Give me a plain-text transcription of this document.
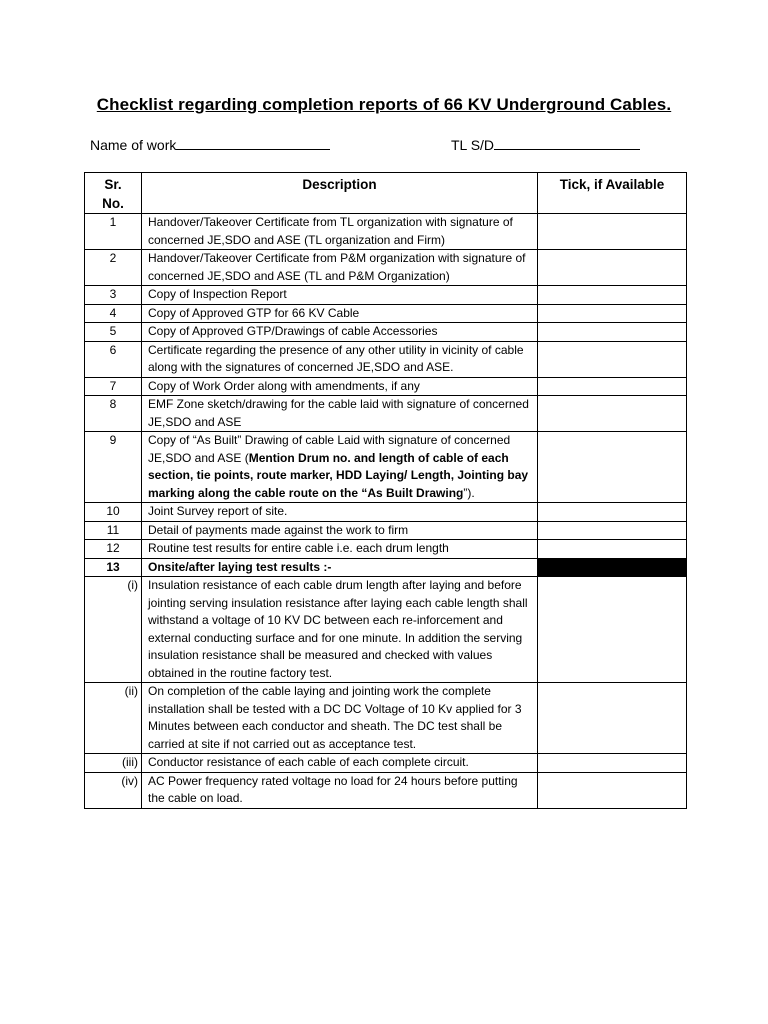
Checklist regarding completion reports of 66 KV Underground Cables.
Name of work	TL S/D
Sr.
No.	Description	Tick, if Available
1	Handover/Takeover Certificate from TL organization with signature of concerned JE,SDO and ASE (TL organization and Firm)	
2	Handover/Takeover Certificate from P&M organization with signature of concerned JE,SDO and ASE (TL and P&M Organization)	
3	Copy of Inspection Report	
4	Copy of Approved GTP for 66 KV Cable	
5	Copy of Approved GTP/Drawings of cable Accessories	
6	Certificate regarding the presence of any other utility in vicinity of cable along with the signatures of concerned JE,SDO and ASE.	
7	Copy of Work Order along with amendments, if any	
8	EMF Zone sketch/drawing for the cable laid with signature of concerned JE,SDO and ASE	
9	Copy of “As Built” Drawing of cable Laid with signature of concerned JE,SDO and ASE (Mention Drum no. and length of cable of each section, tie points, route marker, HDD Laying/ Length, Jointing bay marking along the cable route on the “As Built Drawing”).	
10	Joint Survey report of site.	
11	Detail of payments made against the work to firm	
12	Routine test results for entire cable i.e. each drum length	
13	Onsite/after laying test results :-	
(i)	Insulation resistance of each cable drum length after laying and before jointing serving insulation resistance after laying each cable length shall withstand a voltage of 10 KV DC between each re-inforcement and external conducting surface and for one minute. In addition the serving insulation resistance shall be measured and checked with values obtained in the routine factory test.	
(ii)	On completion of the cable laying and jointing work the complete installation shall be tested with a DC DC Voltage of 10 Kv applied for 3 Minutes between each conductor and sheath. The DC test shall be carried at site if not carried out as acceptance test.	
(iii)	Conductor resistance of each cable of each complete circuit.	
(iv)	AC Power frequency rated voltage no load for 24 hours before putting the cable on load.	
